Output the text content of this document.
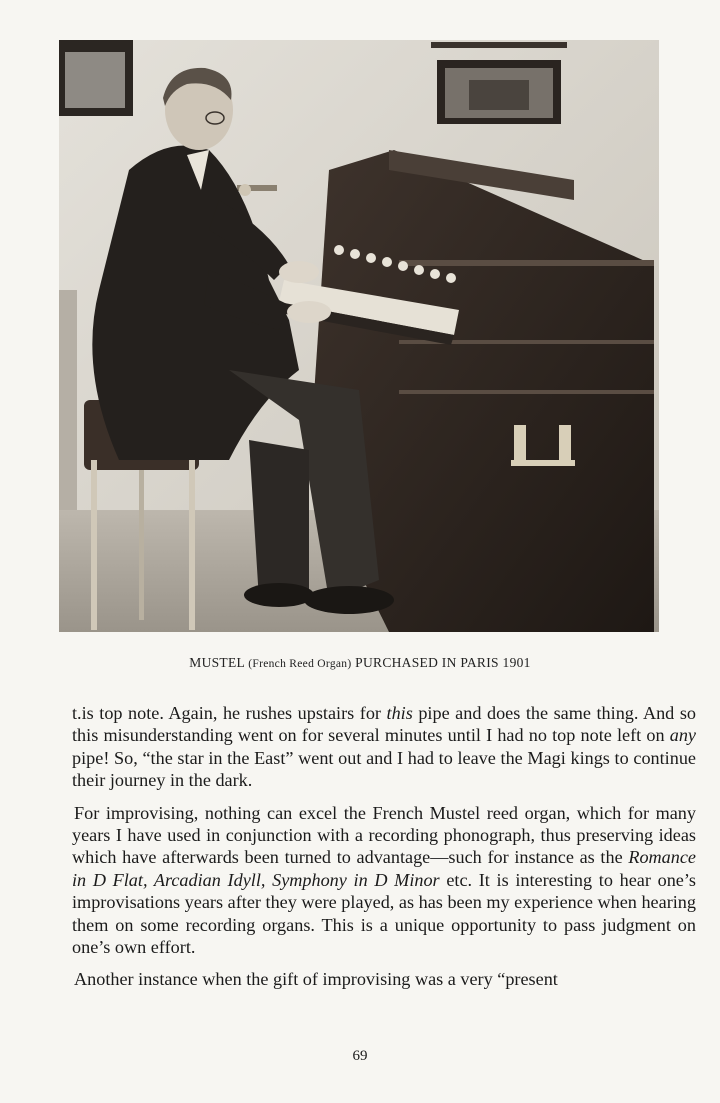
MUSTEL (French Reed Organ) PURCHASED IN PARIS 1901

t.is top note. Again, he rushes upstairs for this pipe and does the same thing. And so this misunderstanding went on for several minutes until I had no top note left on any pipe! So, “the star in the East” went out and I had to leave the Magi kings to continue their journey in the dark.

For improvising, nothing can excel the French Mustel reed organ, which for many years I have used in conjunction with a recording phonograph, thus preserving ideas which have afterwards been turned to advantage—such for instance as the Romance in D Flat, Arcadian Idyll, Symphony in D Minor etc. It is interesting to hear one’s improvisations years after they were played, as has been my experience when hearing them on some recording organs. This is a unique opportunity to pass judgment on one’s own effort.

Another instance when the gift of improvising was a very “present

69
